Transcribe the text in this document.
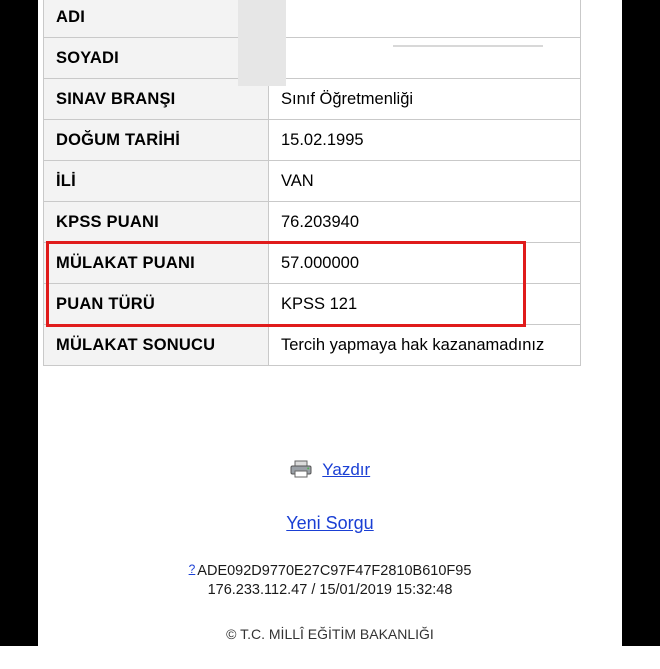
ADI	
SOYADI	
SINAV BRANŞI	Sınıf Öğretmenliği
DOĞUM TARİHİ	15.02.1995
İLİ	VAN
KPSS PUANI	76.203940
MÜLAKAT PUANI	57.000000
PUAN TÜRÜ	KPSS 121
MÜLAKAT SONUCU	Tercih yapmaya hak kazanamadınız
Yazdır
Yeni Sorgu
? ADE092D9770E27C97F47F2810B610F95
176.233.112.47 / 15/01/2019 15:32:48
© T.C. MİLLÎ EĞİTİM BAKANLIĞI
